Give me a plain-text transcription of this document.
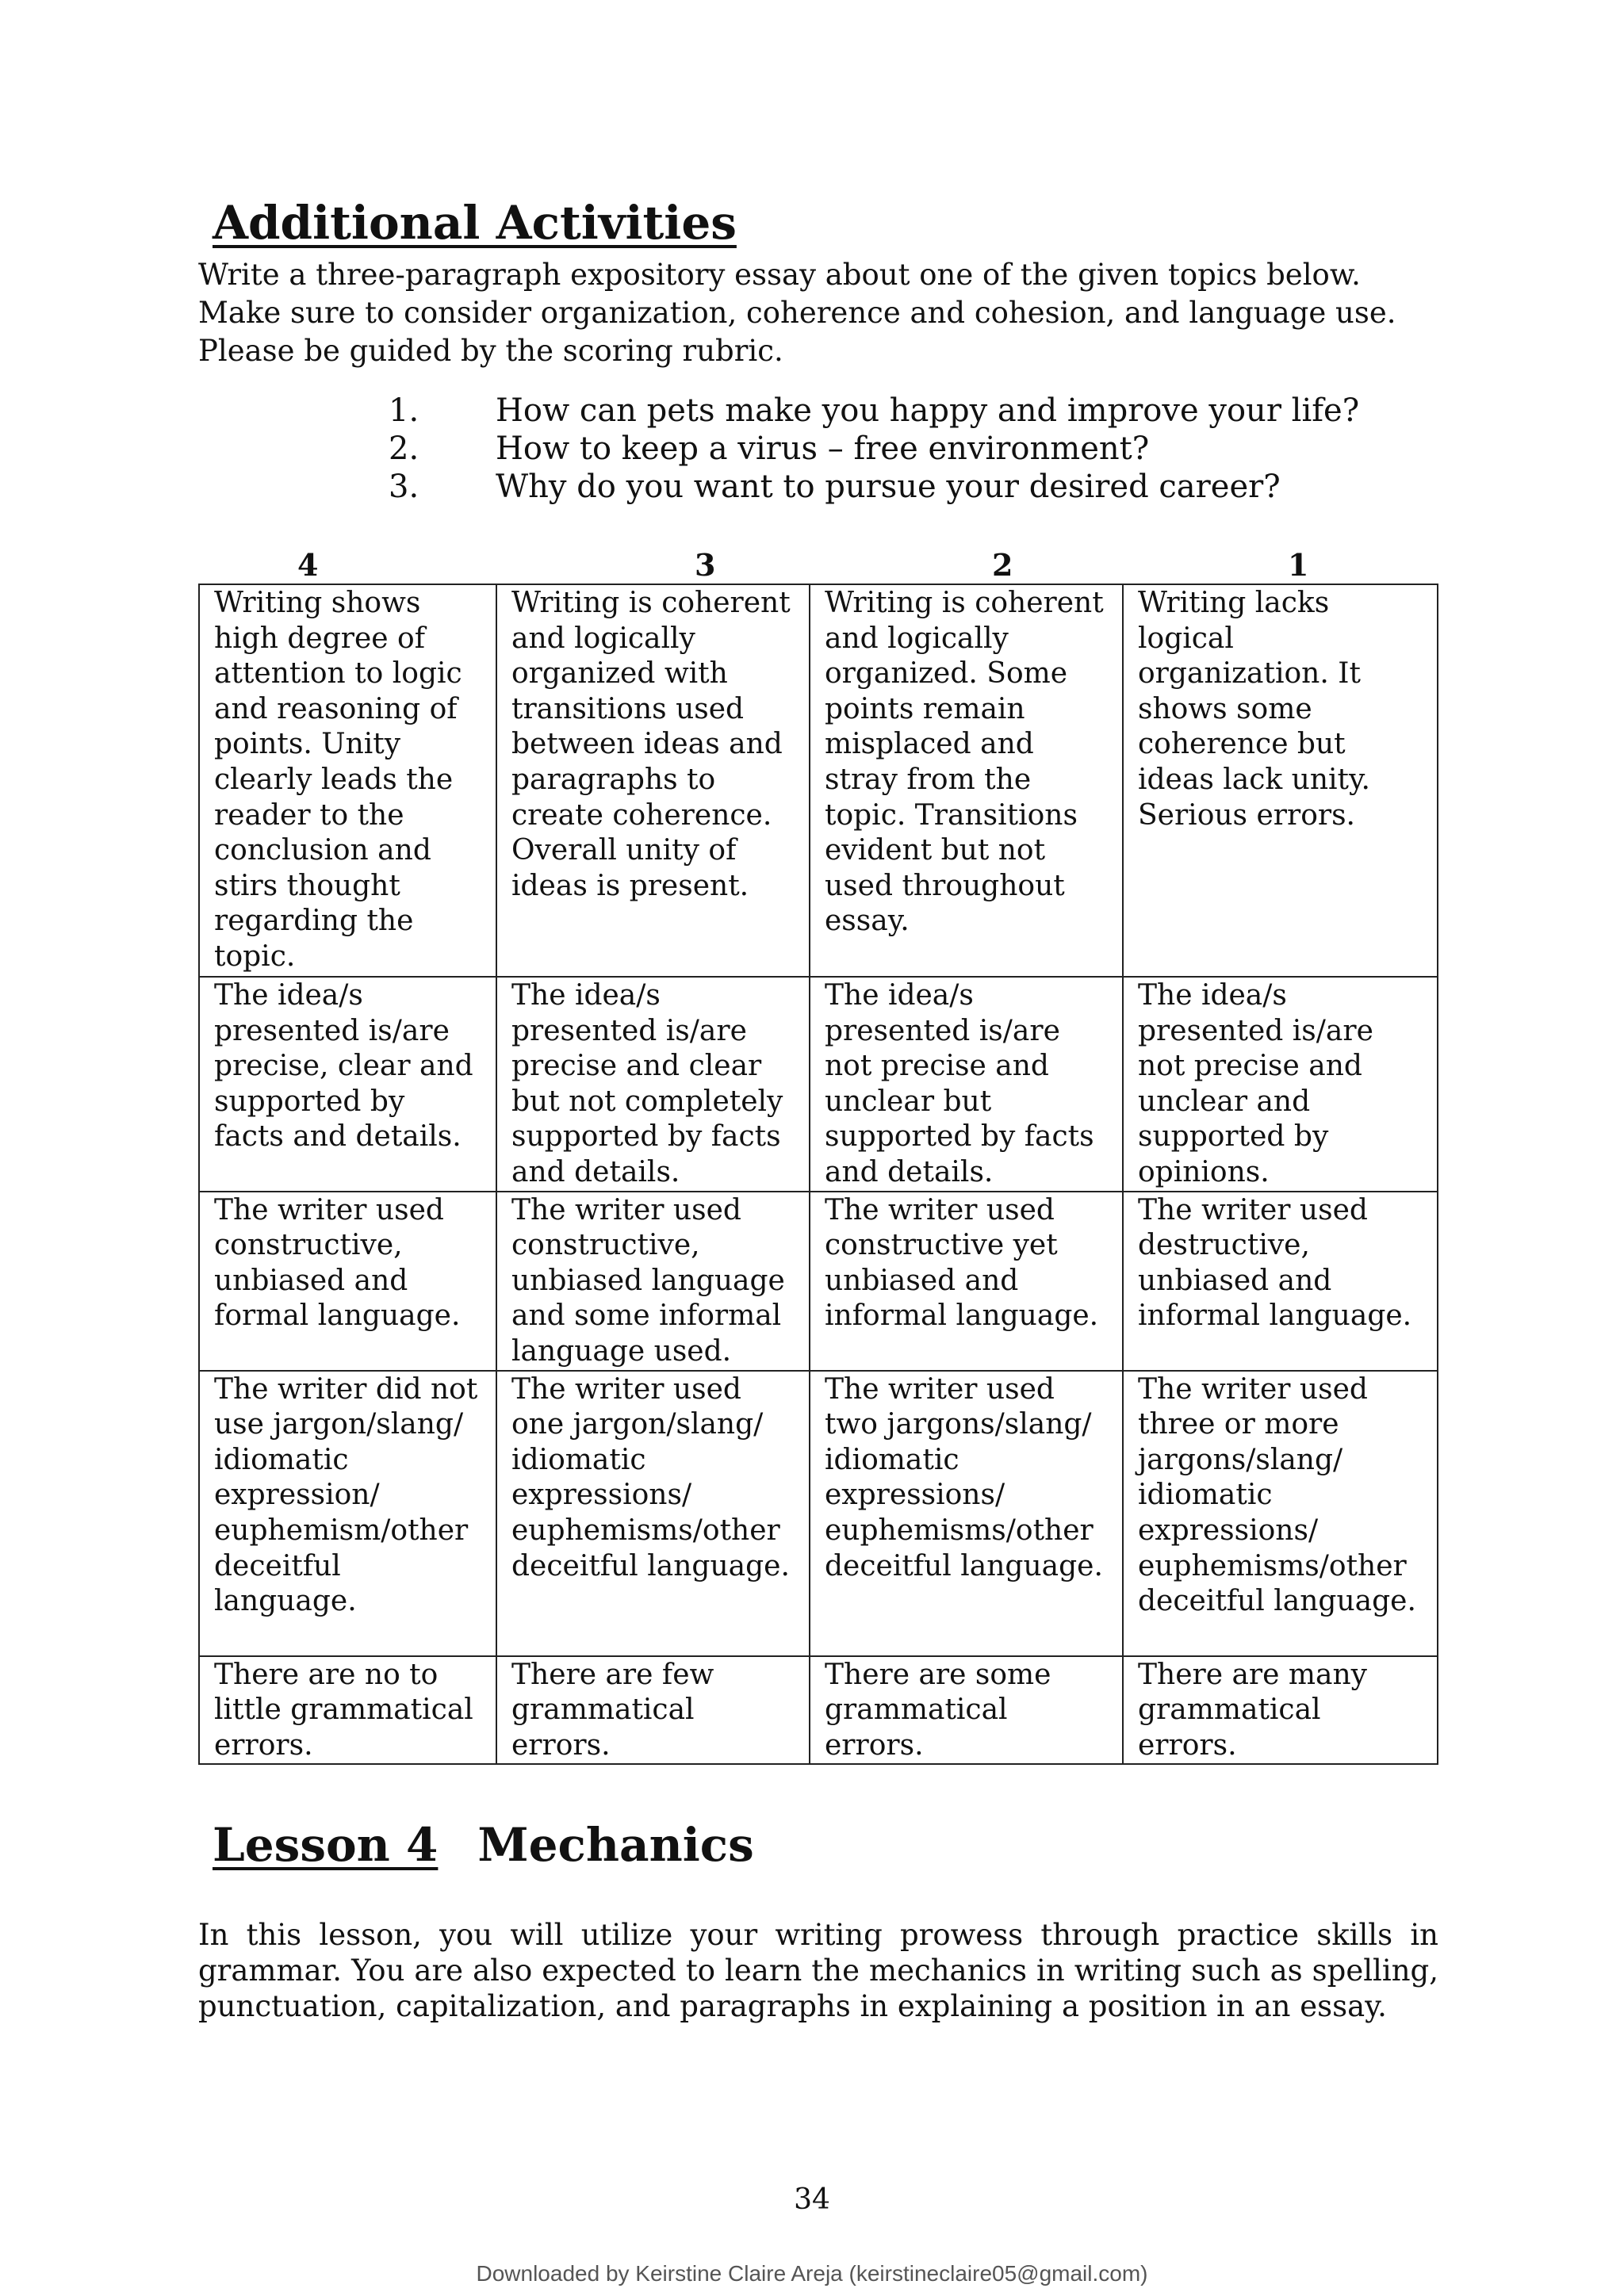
Additional Activities

Write a three-paragraph expository essay about one of the given topics below. Make sure to consider organization, coherence and cohesion, and language use. Please be guided by the scoring rubric.

1.	How can pets make you happy and improve your life?
2.	How to keep a virus – free environment?
3.	Why do you want to pursue your desired career?
4	3	2	1
Writing shows high degree of attention to logic and reasoning of points. Unity clearly leads the reader to the conclusion and stirs thought regarding the topic.	Writing is coherent and logically organized with transitions used between ideas and paragraphs to create coherence. Overall unity of ideas is present.	Writing is coherent and logically organized. Some points remain misplaced and stray from the topic. Transitions evident but not used throughout essay.	Writing lacks logical organization. It shows some coherence but ideas lack unity. Serious errors.
The idea/s presented is/are precise, clear and supported by facts and details.	The idea/s presented is/are precise and clear but not completely supported by facts and details.	The idea/s presented is/are not precise and unclear but supported by facts and details.	The idea/s presented is/are not precise and unclear and supported by opinions.
The writer used constructive, unbiased and formal language.	The writer used constructive, unbiased language and some informal language used.	The writer used constructive yet unbiased and informal language.	The writer used destructive, unbiased and informal language.
The writer did not use jargon/slang/ idiomatic expression/ euphemism/other deceitful language.	The writer used one jargon/slang/ idiomatic expressions/ euphemisms/other deceitful language.	The writer used two jargons/slang/ idiomatic expressions/ euphemisms/other deceitful language.	The writer used three or more jargons/slang/ idiomatic expressions/ euphemisms/other deceitful language.
There are no to little grammatical errors.	There are few grammatical errors.	There are some grammatical errors.	There are many grammatical errors.
Lesson 4 Mechanics

In this lesson, you will utilize your writing prowess through practice skills in grammar. You are also expected to learn the mechanics in writing such as spelling, punctuation, capitalization, and paragraphs in explaining a position in an essay.

34
Downloaded by Keirstine Claire Areja (keirstineclaire05@gmail.com)
